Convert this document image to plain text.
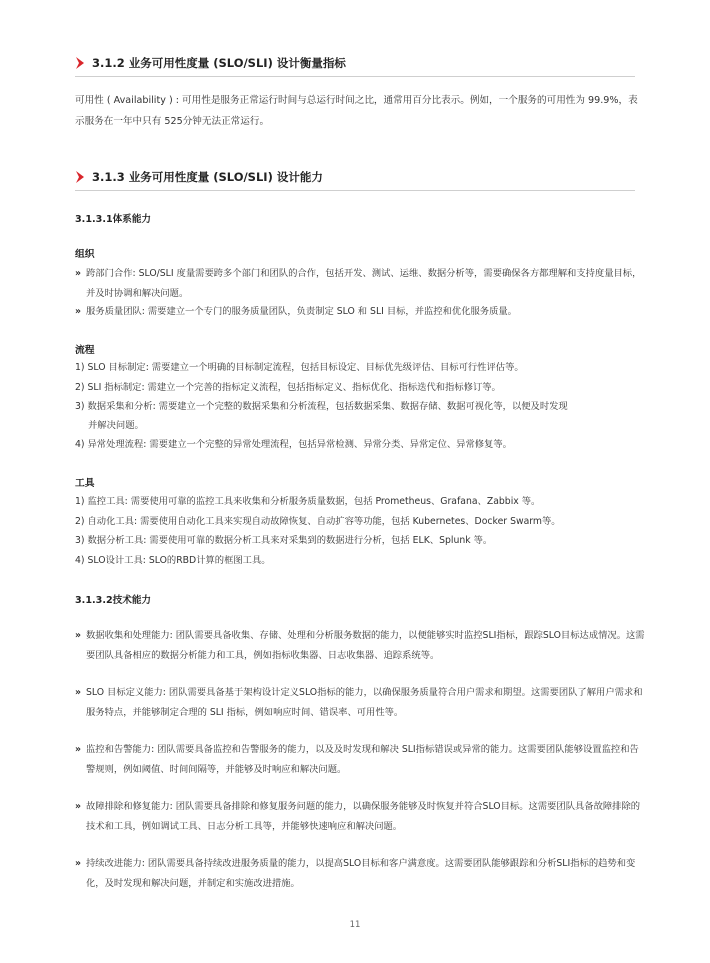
3.1.2 业务可用性度量 (SLO/SLI) 设计衡量指标
可用性 ( Availability ) : 可用性是服务正常运行时间与总运行时间之比，通常用百分比表示。例如，一个服务的可用性为 99.9%，表示服务在一年中只有 525分钟无法正常运行。
3.1.3 业务可用性度量 (SLO/SLI) 设计能力
3.1.3.1体系能力
组织
» 跨部门合作: SLO/SLI 度量需要跨多个部门和团队的合作，包括开发、测试、运维、数据分析等，需要确保各方都理解和支持度量目标，并及时协调和解决问题。
» 服务质量团队: 需要建立一个专门的服务质量团队，负责制定 SLO 和 SLI 目标，并监控和优化服务质量。
流程
1) SLO 目标制定: 需要建立一个明确的目标制定流程，包括目标设定、目标优先级评估、目标可行性评估等。
2) SLI 指标制定: 需建立一个完善的指标定义流程，包括指标定义、指标优化、指标迭代和指标修订等。
3) 数据采集和分析: 需要建立一个完整的数据采集和分析流程，包括数据采集、数据存储、数据可视化等，以便及时发现
并解决问题。
4) 异常处理流程: 需要建立一个完整的异常处理流程，包括异常检测、异常分类、异常定位、异常修复等。
工具
1) 监控工具: 需要使用可靠的监控工具来收集和分析服务质量数据，包括 Prometheus、Grafana、Zabbix 等。
2) 自动化工具: 需要使用自动化工具来实现自动故障恢复、自动扩容等功能，包括 Kubernetes、Docker Swarm等。
3) 数据分析工具: 需要使用可靠的数据分析工具来对采集到的数据进行分析，包括 ELK、Splunk 等。
4) SLO设计工具: SLO的RBD计算的框图工具。
3.1.3.2技术能力
» 数据收集和处理能力: 团队需要具备收集、存储、处理和分析服务数据的能力，以便能够实时监控SLI指标，跟踪SLO目标达成情况。这需要团队具备相应的数据分析能力和工具，例如指标收集器、日志收集器、追踪系统等。
» SLO 目标定义能力: 团队需要具备基于架构设计定义SLO指标的能力，以确保服务质量符合用户需求和期望。这需要团队了解用户需求和服务特点，并能够制定合理的 SLI 指标，例如响应时间、错误率、可用性等。
» 监控和告警能力: 团队需要具备监控和告警服务的能力，以及及时发现和解决 SLI指标错误或异常的能力。这需要团队能够设置监控和告警规则，例如阈值、时间间隔等，并能够及时响应和解决问题。
» 故障排除和修复能力: 团队需要具备排除和修复服务问题的能力，以确保服务能够及时恢复并符合SLO目标。这需要团队具备故障排除的技术和工具，例如调试工具、日志分析工具等，并能够快速响应和解决问题。
» 持续改进能力: 团队需要具备持续改进服务质量的能力，以提高SLO目标和客户满意度。这需要团队能够跟踪和分析SLI指标的趋势和变化，及时发现和解决问题，并制定和实施改进措施。
11
